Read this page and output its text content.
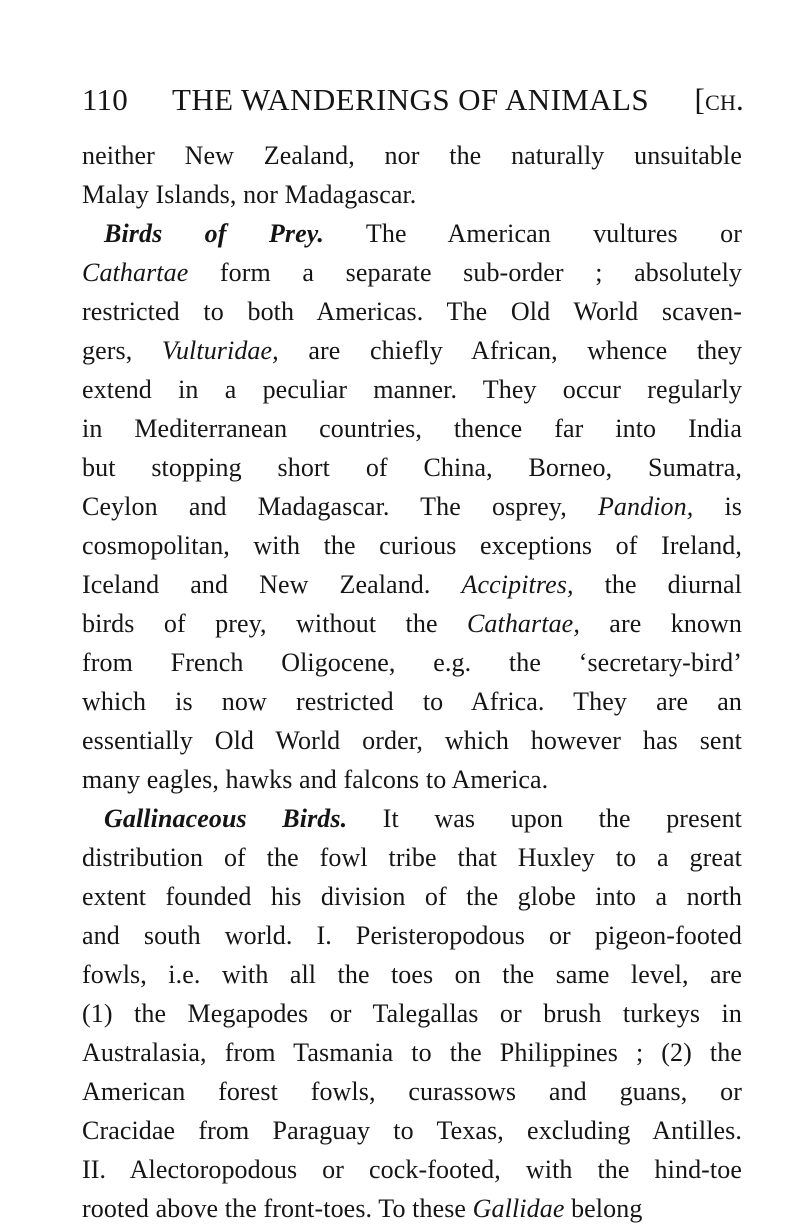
110 THE WANDERINGS OF ANIMALS [ch.
neither New Zealand, nor the naturally unsuitable
Malay Islands, nor Madagascar.
Birds of Prey. The American vultures or
Cathartae form a separate sub-order ; absolutely
restricted to both Americas. The Old World scaven-
gers, Vulturidae, are chiefly African, whence they
extend in a peculiar manner. They occur regularly
in Mediterranean countries, thence far into India
but stopping short of China, Borneo, Sumatra,
Ceylon and Madagascar. The osprey, Pandion, is
cosmopolitan, with the curious exceptions of Ireland,
Iceland and New Zealand. Accipitres, the diurnal
birds of prey, without the Cathartae, are known
from French Oligocene, e.g. the ‘secretary-bird’
which is now restricted to Africa. They are an
essentially Old World order, which however has sent
many eagles, hawks and falcons to America.
Gallinaceous Birds. It was upon the present
distribution of the fowl tribe that Huxley to a great
extent founded his division of the globe into a north
and south world. I. Peristeropodous or pigeon-footed
fowls, i.e. with all the toes on the same level, are
(1) the Megapodes or Talegallas or brush turkeys in
Australasia, from Tasmania to the Philippines ; (2) the
American forest fowls, curassows and guans, or
Cracidae from Paraguay to Texas, excluding Antilles.
II. Alectoropodous or cock-footed, with the hind-toe
rooted above the front-toes. To these Gallidae belong
